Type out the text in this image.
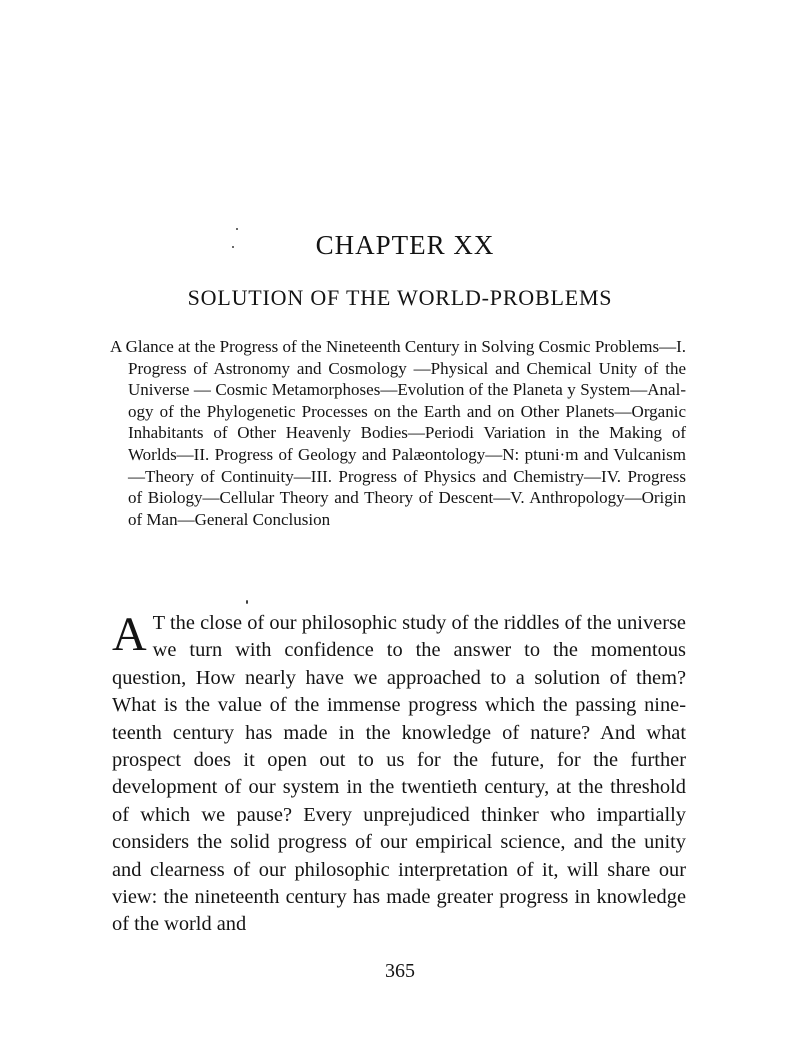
CHAPTER XX
SOLUTION OF THE WORLD-PROBLEMS
A Glance at the Progress of the Nineteenth Century in Solving Cosmic Problems—I. Progress of Astronomy and Cosmology —Physical and Chemical Unity of the Universe — Cosmic Metamorphoses—Evolution of the Planeta y System—Analogy of the Phylogenetic Processes on the Earth and on Other Planets—Organic Inhabitants of Other Heavenly Bodies—Periodi Variation in the Making of Worlds—II. Progress of Geology and Palæontology—N: ptuni·m and Vulcanism—Theory of Continuity—III. Progress of Physics and Chemistry—IV. Progress of Biology—Cellular Theory and Theory of Descent—V. Anthropology—Origin of Man—General Conclusion
A T the close of our philosophic study of the riddles of the universe we turn with confidence to the answer to the momentous question, How nearly have we approached to a solution of them? What is the value of the immense progress which the passing nineteenth century has made in the knowledge of nature? And what prospect does it open out to us for the future, for the further development of our system in the twentieth century, at the threshold of which we pause? Every unprejudiced thinker who impartially considers the solid progress of our empirical science, and the unity and clearness of our philosophic interpretation of it, will share our view: the nineteenth century has made greater progress in knowledge of the world and
365
